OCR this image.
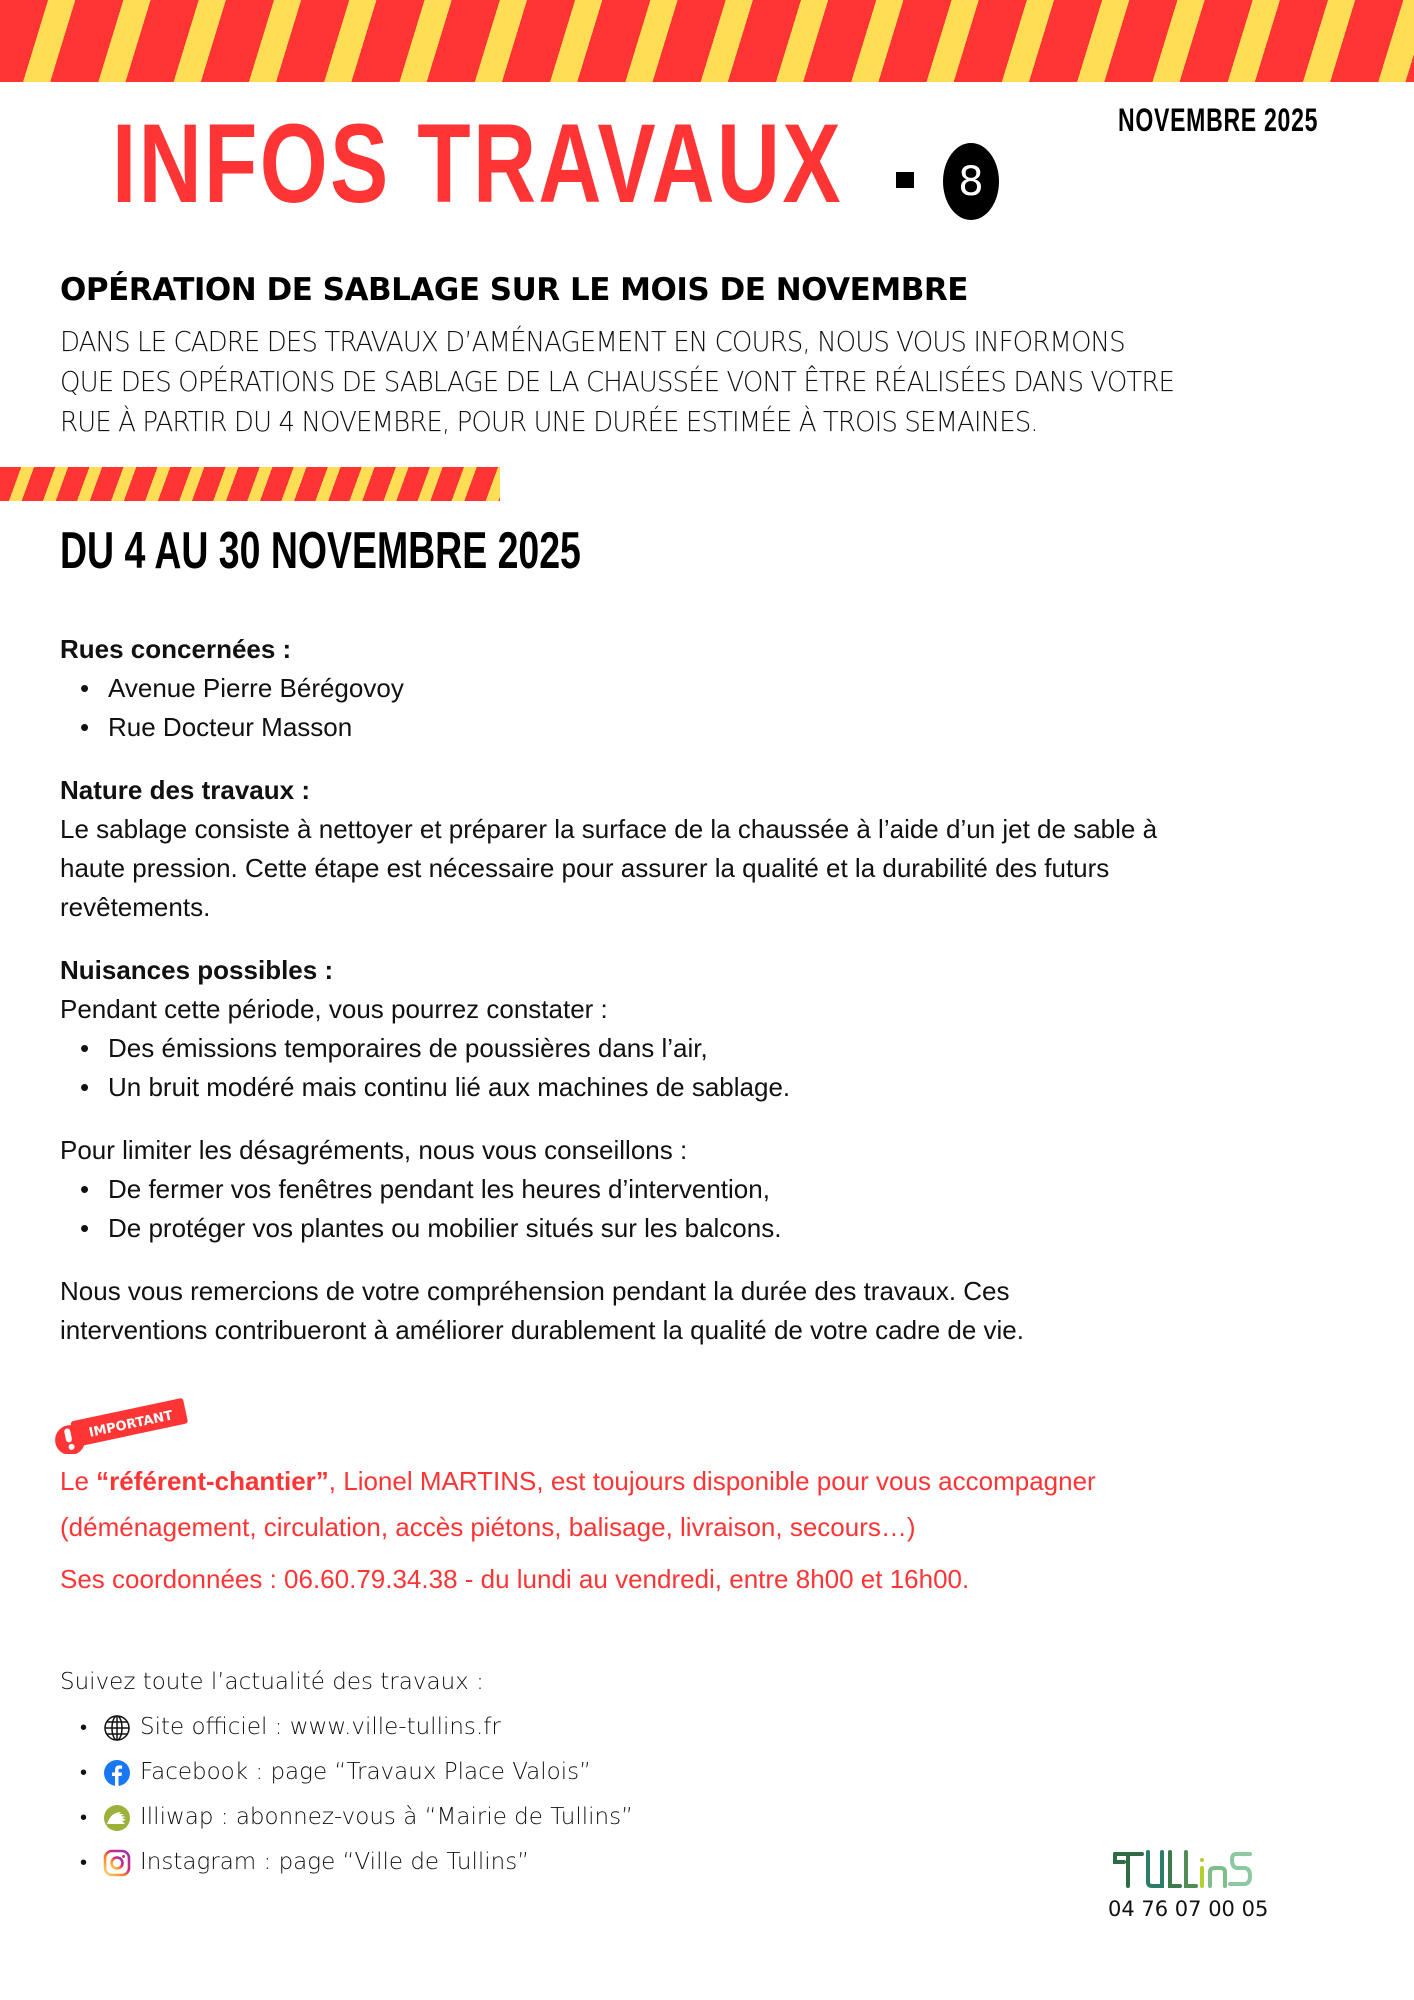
INFOS TRAVAUX	8
NOVEMBRE 2025
OPÉRATION DE SABLAGE SUR LE MOIS DE NOVEMBRE
DANS LE CADRE DES TRAVAUX D’AMÉNAGEMENT EN COURS, NOUS VOUS INFORMONS
QUE DES OPÉRATIONS DE SABLAGE DE LA CHAUSSÉE VONT ÊTRE RÉALISÉES DANS VOTRE
RUE À PARTIR DU 4 NOVEMBRE, POUR UNE DURÉE ESTIMÉE À TROIS SEMAINES.
DU 4 AU 30 NOVEMBRE 2025
Rues concernées :
• Avenue Pierre Bérégovoy
• Rue Docteur Masson
Nature des travaux :
Le sablage consiste à nettoyer et préparer la surface de la chaussée à l’aide d’un jet de sable à
haute pression. Cette étape est nécessaire pour assurer la qualité et la durabilité des futurs
revêtements.
Nuisances possibles :
Pendant cette période, vous pourrez constater :
• Des émissions temporaires de poussières dans l’air,
• Un bruit modéré mais continu lié aux machines de sablage.
Pour limiter les désagréments, nous vous conseillons :
• De fermer vos fenêtres pendant les heures d’intervention,
• De protéger vos plantes ou mobilier situés sur les balcons.
Nous vous remercions de votre compréhension pendant la durée des travaux. Ces
interventions contribueront à améliorer durablement la qualité de votre cadre de vie.
IMPORTANT
Le “référent-chantier”, Lionel MARTINS, est toujours disponible pour vous accompagner
(déménagement, circulation, accès piétons, balisage, livraison, secours…)
Ses coordonnées : 06.60.79.34.38 - du lundi au vendredi, entre 8h00 et 16h00.
Suivez toute l’actualité des travaux :
•	Site officiel : www.ville-tullins.fr
•	Facebook : page “Travaux Place Valois”
•	Illiwap : abonnez-vous à “Mairie de Tullins”
•	Instagram : page “Ville de Tullins”
04 76 07 00 05
